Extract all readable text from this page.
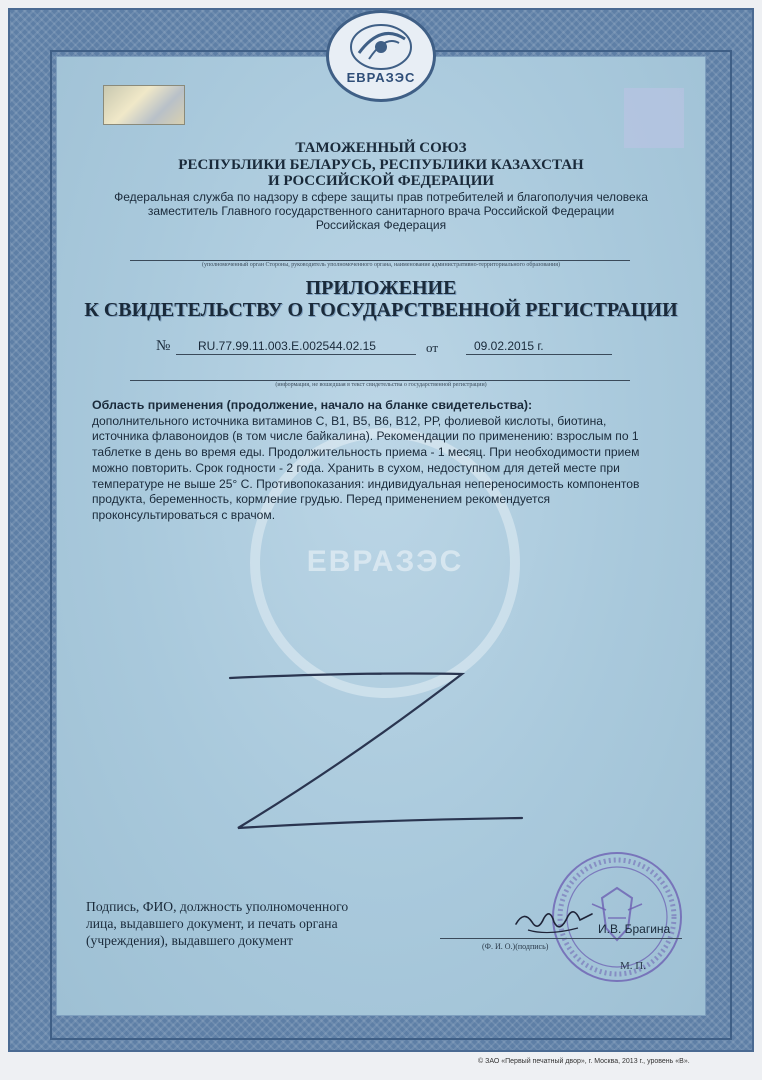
ЕВРАЗЭС
ТАМОЖЕННЫЙ СОЮЗ
РЕСПУБЛИКИ БЕЛАРУСЬ, РЕСПУБЛИКИ КАЗАХСТАН
И РОССИЙСКОЙ ФЕДЕРАЦИИ
Федеральная служба по надзору в сфере защиты прав потребителей и благополучия человека
заместитель Главного государственного санитарного врача Российской Федерации
Российская Федерация
(уполномоченный орган Стороны, руководитель уполномоченного органа, наименование административно-территориального образования)
ПРИЛОЖЕНИЕ
К СВИДЕТЕЛЬСТВУ О ГОСУДАРСТВЕННОЙ РЕГИСТРАЦИИ
№ RU.77.99.11.003.E.002544.02.15	от	09.02.2015 г.
(информация, не вошедшая в текст свидетельства о государственной регистрации)
ЕВРАЗЭС
Область применения (продолжение, начало на бланке свидетельства):
дополнительного источника витаминов С, В1, В5, В6, В12, РР, фолиевой кислоты, биотина,
источника флавоноидов (в том числе байкалина). Рекомендации по применению: взрослым по 1
таблетке в день во время еды. Продолжительность приема - 1 месяц. При необходимости прием
можно повторить. Срок годности - 2 года. Хранить в сухом, недоступном для детей месте при
температуре не выше 25° С. Противопоказания: индивидуальная непереносимость компонентов
продукта, беременность, кормление грудью. Перед применением рекомендуется
проконсультироваться с врачом.
Подпись, ФИО, должность уполномоченного
лица, выдавшего документ, и печать органа
(учреждения), выдавшего документ
И.В. Брагина
(Ф. И. О.)(подпись)
М. П.
© ЗАО «Первый печатный двор», г. Москва, 2013 г., уровень «В».
